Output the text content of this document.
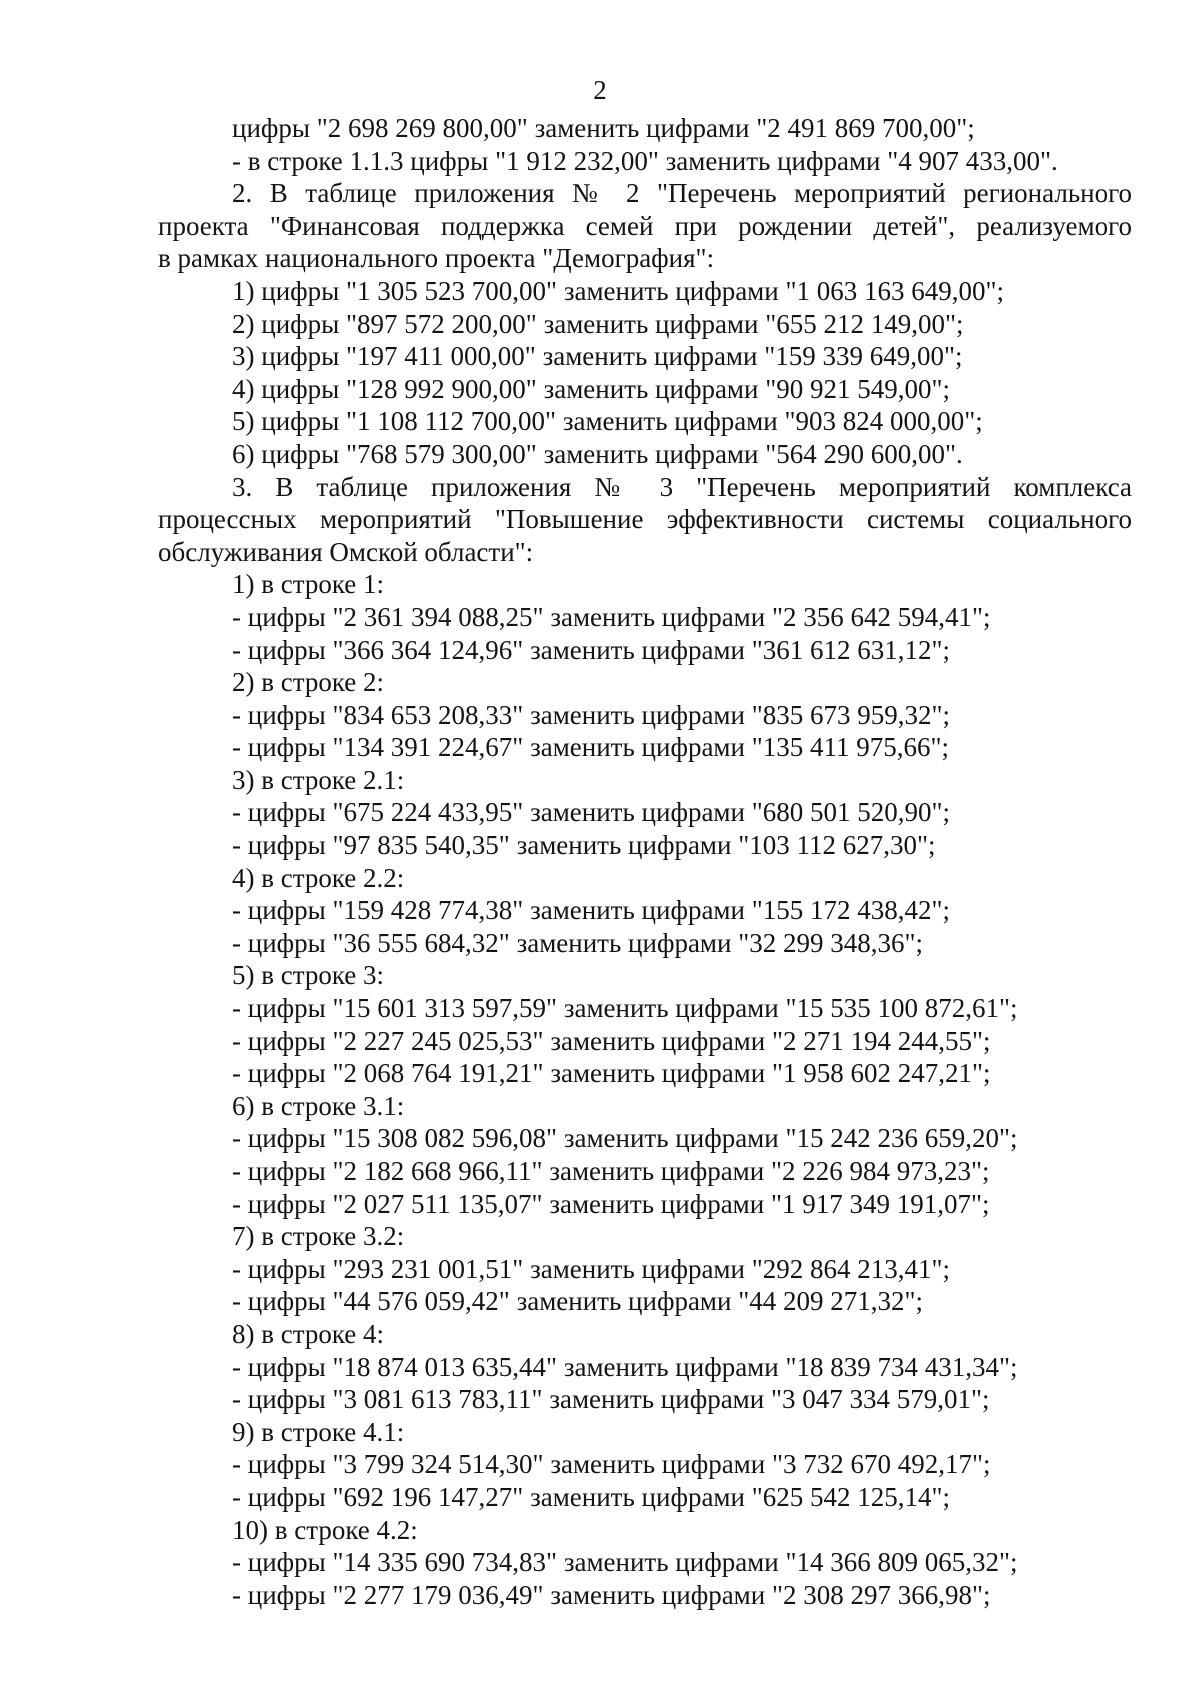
2
цифры "2 698 269 800,00" заменить цифрами "2 491 869 700,00";
- в строке 1.1.3 цифры "1 912 232,00" заменить цифрами "4 907 433,00".
2. В таблице приложения № 2 "Перечень мероприятий регионального
проекта "Финансовая поддержка семей при рождении детей", реализуемого
в рамках национального проекта "Демография":
1) цифры "1 305 523 700,00" заменить цифрами "1 063 163 649,00";
2) цифры "897 572 200,00" заменить цифрами "655 212 149,00";
3) цифры "197 411 000,00" заменить цифрами "159 339 649,00";
4) цифры "128 992 900,00" заменить цифрами "90 921 549,00";
5) цифры "1 108 112 700,00" заменить цифрами "903 824 000,00";
6) цифры "768 579 300,00" заменить цифрами "564 290 600,00".
3. В таблице приложения № 3 "Перечень мероприятий комплекса
процессных мероприятий "Повышение эффективности системы социального
обслуживания Омской области":
1) в строке 1:
- цифры "2 361 394 088,25" заменить цифрами "2 356 642 594,41";
- цифры "366 364 124,96" заменить цифрами "361 612 631,12";
2) в строке 2:
- цифры "834 653 208,33" заменить цифрами "835 673 959,32";
- цифры "134 391 224,67" заменить цифрами "135 411 975,66";
3) в строке 2.1:
- цифры "675 224 433,95" заменить цифрами "680 501 520,90";
- цифры "97 835 540,35" заменить цифрами "103 112 627,30";
4) в строке 2.2:
- цифры "159 428 774,38" заменить цифрами "155 172 438,42";
- цифры "36 555 684,32" заменить цифрами "32 299 348,36";
5) в строке 3:
- цифры "15 601 313 597,59" заменить цифрами "15 535 100 872,61";
- цифры "2 227 245 025,53" заменить цифрами "2 271 194 244,55";
- цифры "2 068 764 191,21" заменить цифрами "1 958 602 247,21";
6) в строке 3.1:
- цифры "15 308 082 596,08" заменить цифрами "15 242 236 659,20";
- цифры "2 182 668 966,11" заменить цифрами "2 226 984 973,23";
- цифры "2 027 511 135,07" заменить цифрами "1 917 349 191,07";
7) в строке 3.2:
- цифры "293 231 001,51" заменить цифрами "292 864 213,41";
- цифры "44 576 059,42" заменить цифрами "44 209 271,32";
8) в строке 4:
- цифры "18 874 013 635,44" заменить цифрами "18 839 734 431,34";
- цифры "3 081 613 783,11" заменить цифрами "3 047 334 579,01";
9) в строке 4.1:
- цифры "3 799 324 514,30" заменить цифрами "3 732 670 492,17";
- цифры "692 196 147,27" заменить цифрами "625 542 125,14";
10) в строке 4.2:
- цифры "14 335 690 734,83" заменить цифрами "14 366 809 065,32";
- цифры "2 277 179 036,49" заменить цифрами "2 308 297 366,98";
